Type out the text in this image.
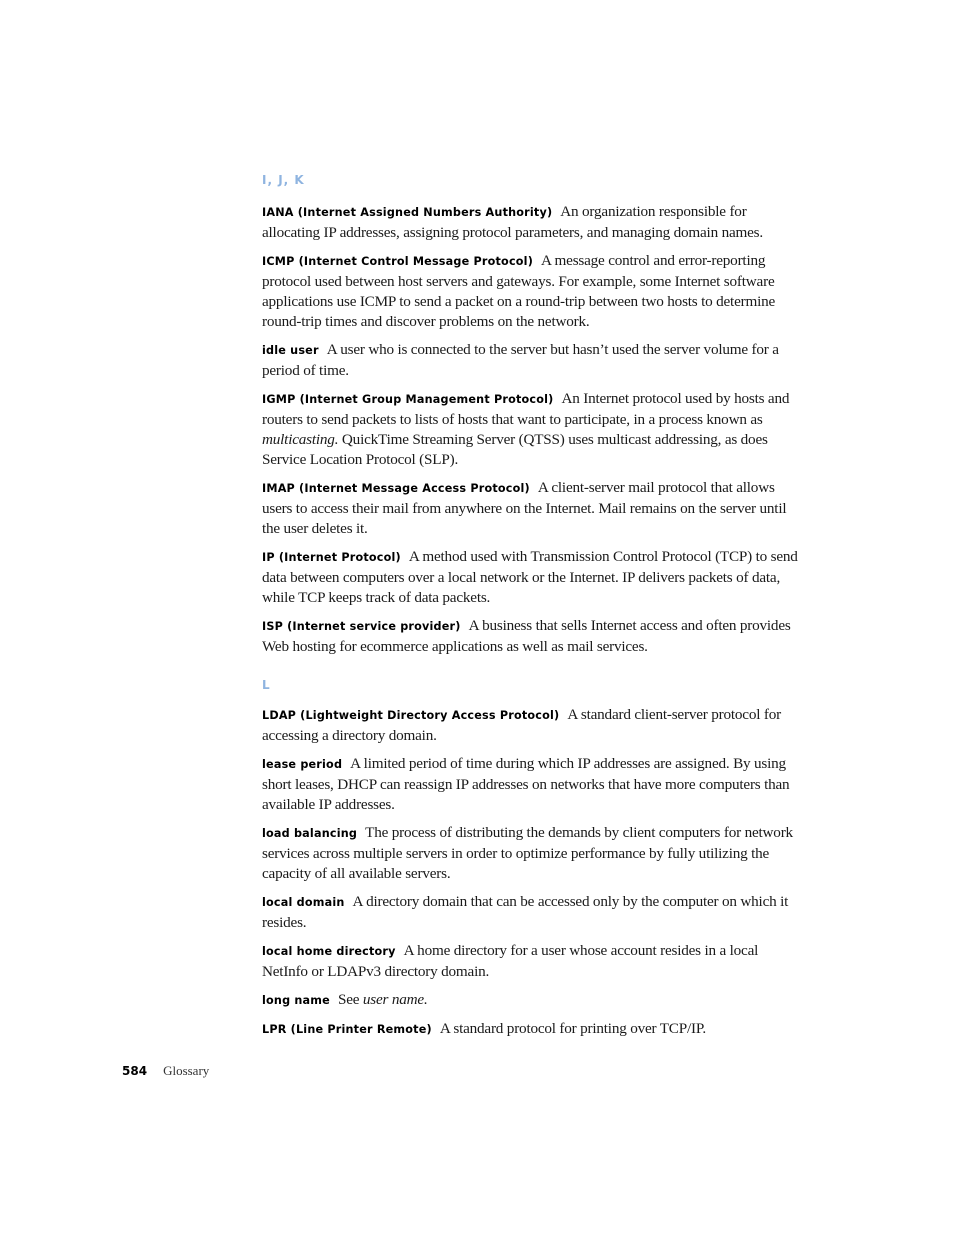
I, J, K

IANA (Internet Assigned Numbers Authority) An organization responsible for allocating IP addresses, assigning protocol parameters, and managing domain names.

ICMP (Internet Control Message Protocol) A message control and error-reporting protocol used between host servers and gateways. For example, some Internet software applications use ICMP to send a packet on a round-trip between two hosts to determine round-trip times and discover problems on the network.

idle user A user who is connected to the server but hasn’t used the server volume for a period of time.

IGMP (Internet Group Management Protocol) An Internet protocol used by hosts and routers to send packets to lists of hosts that want to participate, in a process known as multicasting. QuickTime Streaming Server (QTSS) uses multicast addressing, as does Service Location Protocol (SLP).

IMAP (Internet Message Access Protocol) A client-server mail protocol that allows users to access their mail from anywhere on the Internet. Mail remains on the server until the user deletes it.

IP (Internet Protocol) A method used with Transmission Control Protocol (TCP) to send data between computers over a local network or the Internet. IP delivers packets of data, while TCP keeps track of data packets.

ISP (Internet service provider) A business that sells Internet access and often provides Web hosting for ecommerce applications as well as mail services.

L

LDAP (Lightweight Directory Access Protocol) A standard client-server protocol for accessing a directory domain.

lease period A limited period of time during which IP addresses are assigned. By using short leases, DHCP can reassign IP addresses on networks that have more computers than available IP addresses.

load balancing The process of distributing the demands by client computers for network services across multiple servers in order to optimize performance by fully utilizing the capacity of all available servers.

local domain A directory domain that can be accessed only by the computer on which it resides.

local home directory A home directory for a user whose account resides in a local NetInfo or LDAPv3 directory domain.

long name See user name.

LPR (Line Printer Remote) A standard protocol for printing over TCP/IP.

584 Glossary
